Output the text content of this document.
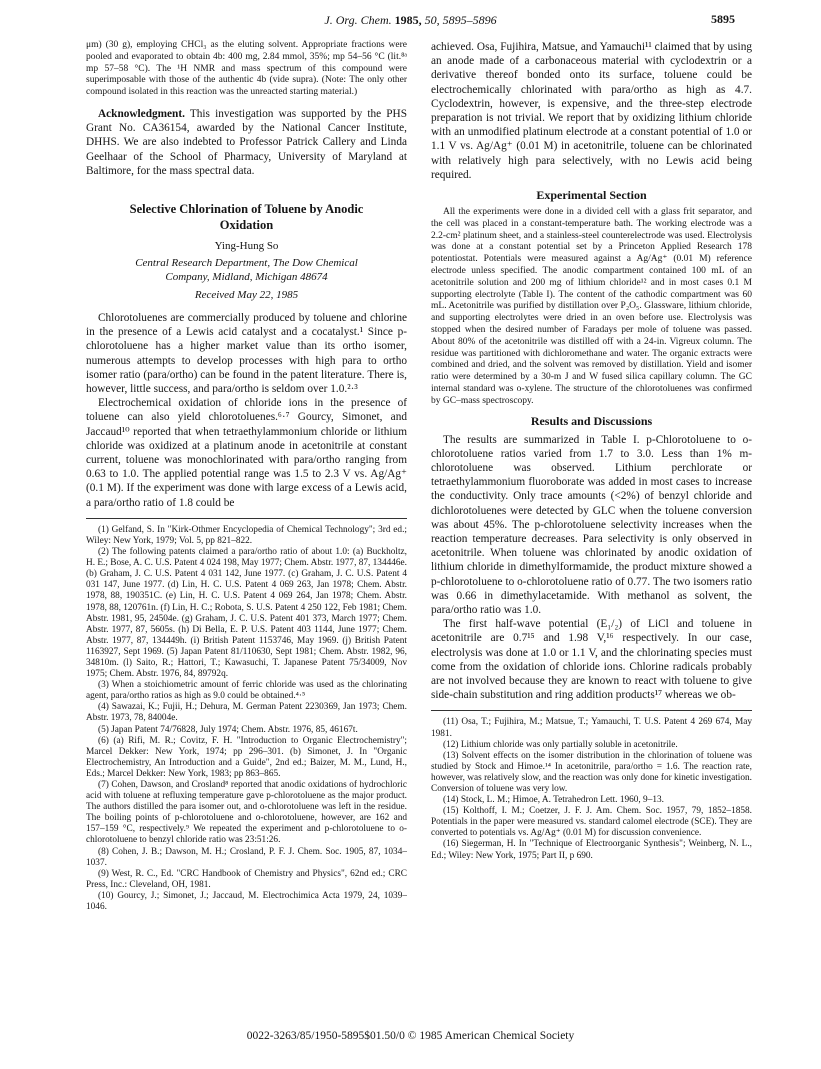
J. Org. Chem. 1985, 50, 5895–5896	5895

μm) (30 g), employing CHCl₃ as the eluting solvent. Appropriate fractions were pooled and evaporated to obtain 4b: 400 mg, 2.84 mmol, 35%; mp 54–56 °C (lit.⁸ᵃ mp 57–58 °C). The ¹H NMR and mass spectrum of this compound were superimposable with those of the authentic 4b (vide supra). (Note: The only other compound isolated in this reaction was the unreacted starting material.)

Acknowledgment. This investigation was supported by the PHS Grant No. CA36154, awarded by the National Cancer Institute, DHHS. We are also indebted to Professor Patrick Callery and Linda Geelhaar of the School of Pharmacy, University of Maryland at Baltimore, for the mass spectral data.

Selective Chlorination of Toluene by Anodic
Oxidation
Ying-Hung So
Central Research Department, The Dow Chemical
Company, Midland, Michigan 48674
Received May 22, 1985

Chlorotoluenes are commercially produced by toluene and chlorine in the presence of a Lewis acid catalyst and a cocatalyst.¹ Since p-chlorotoluene has a higher market value than its ortho isomer, numerous attempts to develop processes with high para to ortho isomer ratio (para/ortho) can be found in the patent literature. There is, however, little success, and para/ortho is seldom over 1.0.²·³

Electrochemical oxidation of chloride ions in the presence of toluene can also yield chlorotoluenes.⁶·⁷ Gourcy, Simonet, and Jaccaud¹⁰ reported that when tetraethylammonium chloride or lithium chloride was oxidized at a platinum anode in acetonitrile at constant current, toluene was monochlorinated with para/ortho ranging from 0.63 to 1.0. The applied potential range was 1.5 to 2.3 V vs. Ag/Ag⁺ (0.1 M). If the experiment was done with large excess of a Lewis acid, a para/ortho ratio of 1.8 could be

(1) Gelfand, S. In "Kirk-Othmer Encyclopedia of Chemical Technology"; 3rd ed.; Wiley: New York, 1979; Vol. 5, pp 821–822.

(2) The following patents claimed a para/ortho ratio of about 1.0: (a) Buckholtz, H. E.; Bose, A. C. U.S. Patent 4 024 198, May 1977; Chem. Abstr. 1977, 87, 134446e. (b) Graham, J. C. U.S. Patent 4 031 142, June 1977. (c) Graham, J. C. U.S. Patent 4 031 147, June 1977. (d) Lin, H. C. U.S. Patent 4 069 263, Jan 1978; Chem. Abstr. 1978, 88, 190351C. (e) Lin, H. C. U.S. Patent 4 069 264, Jan 1978; Chem. Abstr. 1978, 88, 120761n. (f) Lin, H. C.; Robota, S. U.S. Patent 4 250 122, Feb 1981; Chem. Abstr. 1981, 95, 24504e. (g) Graham, J. C. U.S. Patent 401 373, March 1977; Chem. Abstr. 1977, 87, 5605s. (h) Di Bella, E. P. U.S. Patent 403 1144, June 1977; Chem. Abstr. 1977, 87, 134449h. (i) British Patent 1153746, May 1969. (j) British Patent 1163927, Sept 1969. (5) Japan Patent 81/110630, Sept 1981; Chem. Abstr. 1982, 96, 34810m. (l) Saito, R.; Hattori, T.; Kawasuchi, T. Japanese Patent 75/34009, Nov 1975; Chem. Abstr. 1976, 84, 89792q.

(3) When a stoichiometric amount of ferric chloride was used as the chlorinating agent, para/ortho ratios as high as 9.0 could be obtained.⁴·⁵

(4) Sawazai, K.; Fujii, H.; Dehura, M. German Patent 2230369, Jan 1973; Chem. Abstr. 1973, 78, 84004e.

(5) Japan Patent 74/76828, July 1974; Chem. Abstr. 1976, 85, 46167t.

(6) (a) Rifi, M. R.; Covitz, F. H. "Introduction to Organic Electrochemistry"; Marcel Dekker: New York, 1974; pp 296–301. (b) Simonet, J. In "Organic Electrochemistry, An Introduction and a Guide", 2nd ed.; Baizer, M. M., Lund, H., Eds.; Marcel Dekker: New York, 1983; pp 863–865.

(7) Cohen, Dawson, and Crosland⁸ reported that anodic oxidations of hydrochloric acid with toluene at refluxing temperature gave p-chlorotoluene as the major product. The authors distilled the para isomer out, and o-chlorotoluene was left in the residue. The boiling points of p-chlorotoluene and o-chlorotoluene, however, are 162 and 157–159 °C, respectively.⁹ We repeated the experiment and p-chlorotoluene to o-chlorotoluene to benzyl chloride ratio was 23:51:26.

(8) Cohen, J. B.; Dawson, M. H.; Crosland, P. F. J. Chem. Soc. 1905, 87, 1034–1037.

(9) West, R. C., Ed. "CRC Handbook of Chemistry and Physics", 62nd ed.; CRC Press, Inc.: Cleveland, OH, 1981.

(10) Gourcy, J.; Simonet, J.; Jaccaud, M. Electrochimica Acta 1979, 24, 1039–1046.

achieved. Osa, Fujihira, Matsue, and Yamauchi¹¹ claimed that by using an anode made of a carbonaceous material with cyclodextrin or a derivative thereof bonded onto its surface, toluene could be electrochemically chlorinated with para/ortho as high as 4.7. Cyclodextrin, however, is expensive, and the three-step electrode preparation is not trivial. We report that by oxidizing lithium chloride with an unmodified platinum electrode at a constant potential of 1.0 or 1.1 V vs. Ag/Ag⁺ (0.01 M) in acetonitrile, toluene can be chlorinated with relatively high para selectively, with no Lewis acid being required.

Experimental Section

All the experiments were done in a divided cell with a glass frit separator, and the cell was placed in a constant-temperature bath. The working electrode was a 2.2-cm² platinum sheet, and a stainless-steel counterelectrode was used. Electrolysis was done at a constant potential set by a Princeton Applied Research 178 potentiostat. Potentials were measured against a Ag/Ag⁺ (0.01 M) reference electrode unless specified. The anodic compartment contained 100 mL of an acetonitrile solution and 200 mg of lithium chloride¹² and in most cases 0.1 M supporting electrolyte (Table I). The content of the cathodic compartment was 60 mL. Acetonitrile was purified by distillation over P₂O₅. Glassware, lithium chloride, and supporting electrolytes were dried in an oven before use. Electrolysis was stopped when the desired number of Faradays per mole of toluene was passed. About 80% of the acetonitrile was distilled off with a 24-in. Vigreux column. The residue was partitioned with dichloromethane and water. The organic extracts were combined and dried, and the solvent was removed by distillation. Yield and isomer ratio were determined by a 30-m J and W fused silica capillary column. The GC internal standard was o-xylene. The structure of the chlorotoluenes was confirmed by GC–mass spectroscopy.

Results and Discussions

The results are summarized in Table I. p-Chlorotoluene to o-chlorotoluene ratios varied from 1.7 to 3.0. Less than 1% m-chlorotoluene was observed. Lithium perchlorate or tetraethylammonium fluoroborate was added in most cases to increase the conductivity. Only trace amounts (<2%) of benzyl chloride and dichlorotoluenes were detected by GLC when the toluene conversion was about 45%. The p-chlorotoluene selectivity increases when the reaction temperature decreases. Para selectivity is only observed in acetonitrile. When toluene was chlorinated by anodic oxidation of lithium chloride in dimethylformamide, the product mixture showed a p-chlorotoluene to o-chlorotoluene ratio of 0.77. The two isomers ratio was 0.66 in dimethylacetamide. With methanol as solvent, the para/ortho ratio was 1.0.

The first half-wave potential (E₁/₂) of LiCl and toluene in acetonitrile are 0.7¹⁵ and 1.98 V,¹⁶ respectively. In our case, electrolysis was done at 1.0 or 1.1 V, and the chlorinating species must come from the oxidation of chloride ions. Chlorine radicals probably are not involved because they are known to react with toluene to give side-chain substitution and ring addition products¹⁷ whereas we ob-

(11) Osa, T.; Fujihira, M.; Matsue, T.; Yamauchi, T. U.S. Patent 4 269 674, May 1981.

(12) Lithium chloride was only partially soluble in acetonitrile.

(13) Solvent effects on the isomer distribution in the chlorination of toluene was studied by Stock and Himoe.¹⁴ In acetonitrile, para/ortho = 1.6. The reaction rate, however, was relatively slow, and the reaction was only done for kinetic investigation. Conversion of toluene was very low.

(14) Stock, L. M.; Himoe, A. Tetrahedron Lett. 1960, 9–13.

(15) Kolthoff, I. M.; Coetzer, J. F. J. Am. Chem. Soc. 1957, 79, 1852–1858. Potentials in the paper were measured vs. standard calomel electrode (SCE). They are converted to potentials vs. Ag/Ag⁺ (0.01 M) for discussion convenience.

(16) Siegerman, H. In "Technique of Electroorganic Synthesis"; Weinberg, N. L., Ed.; Wiley: New York, 1975; Part II, p 690.

0022-3263/85/1950-5895$01.50/0 © 1985 American Chemical Society
